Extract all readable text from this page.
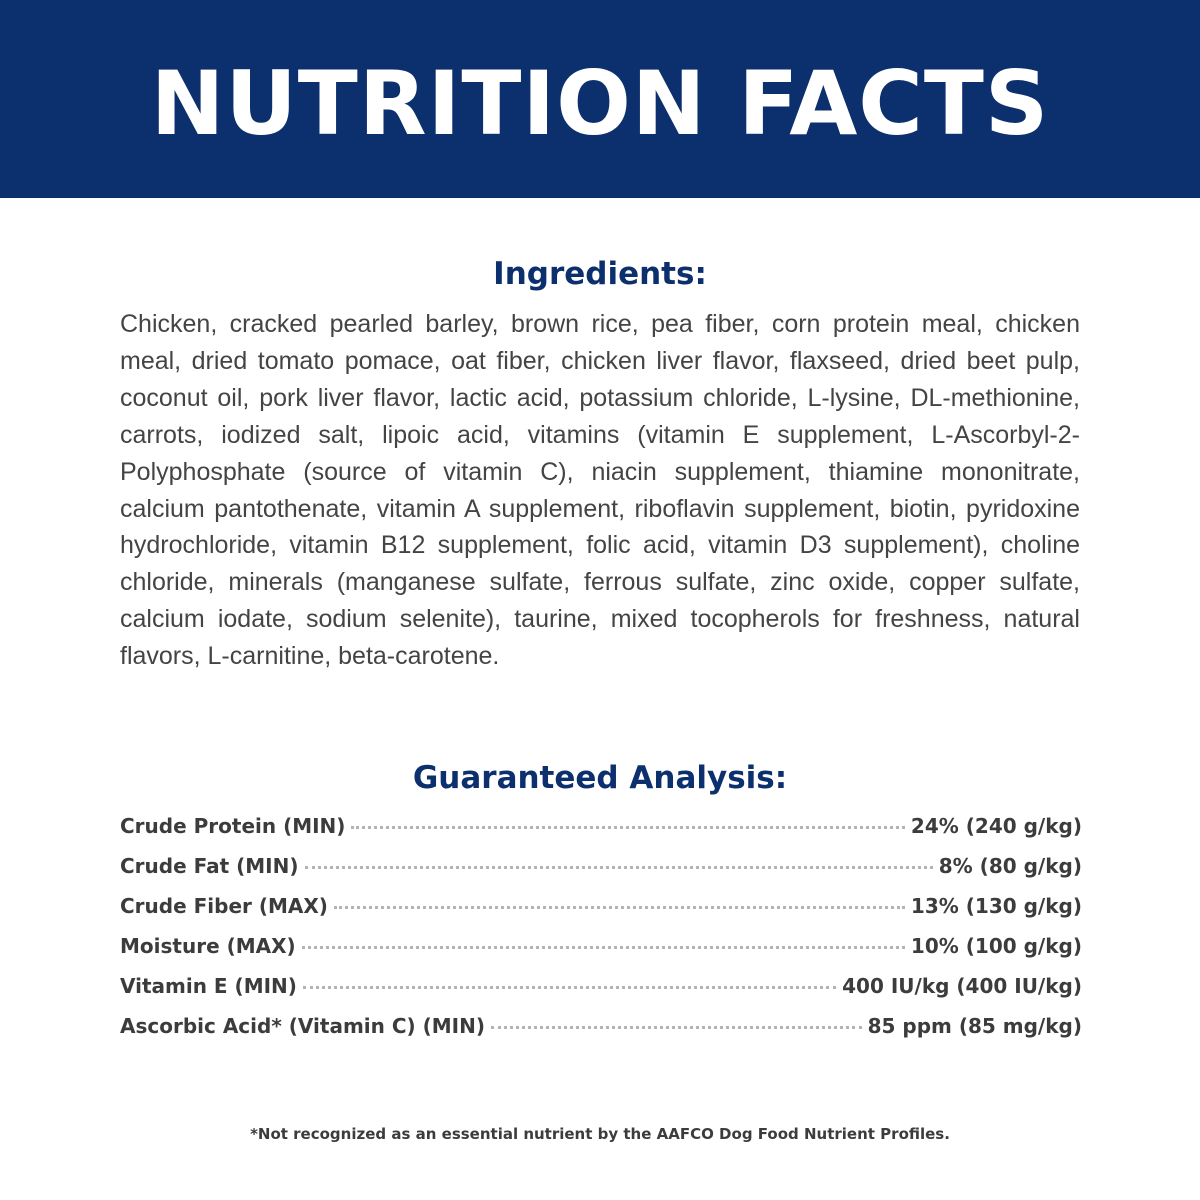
NUTRITION FACTS
Ingredients:

Chicken, cracked pearled barley, brown rice, pea fiber, corn protein meal, chicken meal, dried tomato pomace, oat fiber, chicken liver flavor, flaxseed, dried beet pulp, coconut oil, pork liver flavor, lactic acid, potassium chloride, L-lysine, DL-methionine, carrots, iodized salt, lipoic acid, vitamins (vitamin E supplement, L-Ascorbyl-2-Polyphosphate (source of vitamin C), niacin supplement, thiamine mononitrate, calcium pantothenate, vitamin A supplement, riboflavin supplement, biotin, pyridoxine hydrochloride, vitamin B12 supplement, folic acid, vitamin D3 supplement), choline chloride, minerals (manganese sulfate, ferrous sulfate, zinc oxide, copper sulfate, calcium iodate, sodium selenite), taurine, mixed tocopherols for freshness, natural flavors, L-carnitine, beta-carotene.

Guaranteed Analysis:
Crude Protein (MIN)	24% (240 g/kg)
Crude Fat (MIN)	8% (80 g/kg)
Crude Fiber (MAX)	13% (130 g/kg)
Moisture (MAX)	10% (100 g/kg)
Vitamin E (MIN)	400 IU/kg (400 IU/kg)
Ascorbic Acid* (Vitamin C) (MIN)	85 ppm (85 mg/kg)

*Not recognized as an essential nutrient by the AAFCO Dog Food Nutrient Profiles.
